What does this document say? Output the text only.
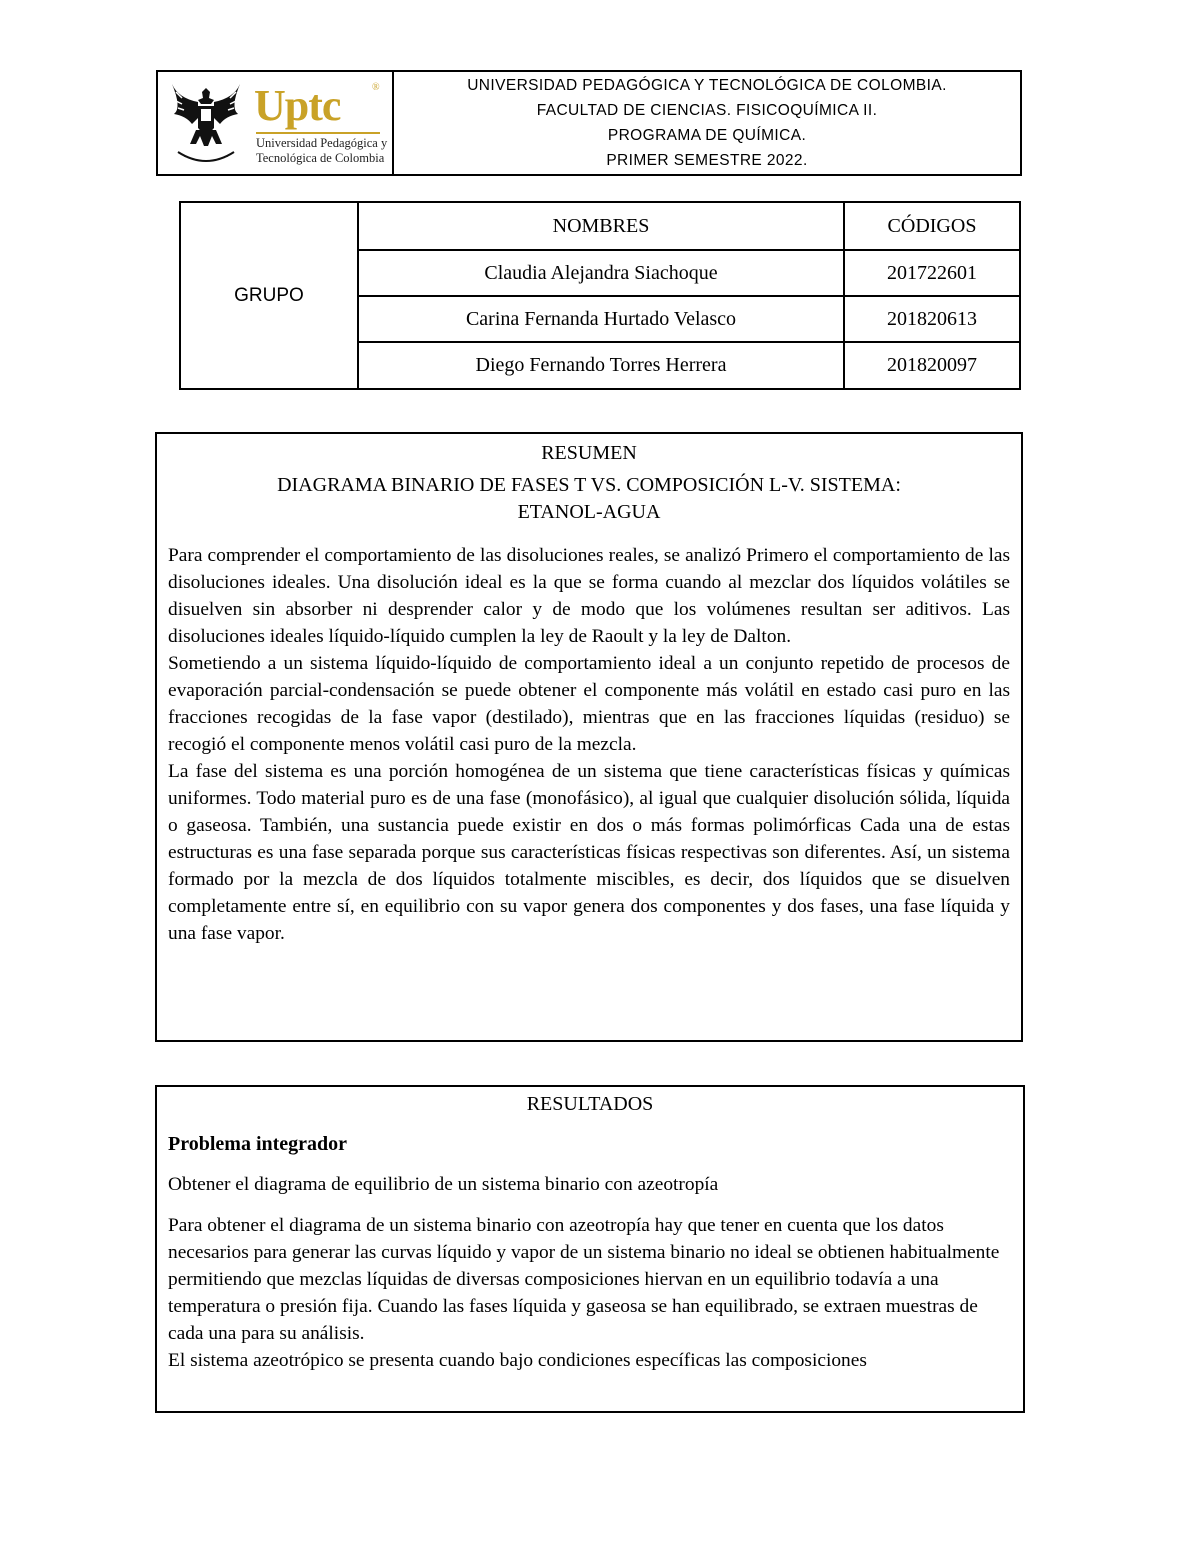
Uptc	®
Universidad Pedagógica y
Tecnológica de Colombia
UNIVERSIDAD PEDAGÓGICA Y TECNOLÓGICA DE COLOMBIA.
FACULTAD DE CIENCIAS. FISICOQUÍMICA II.
PROGRAMA DE QUÍMICA.
PRIMER SEMESTRE 2022.
GRUPO	NOMBRES	CÓDIGOS
	Claudia Alejandra Siachoque	201722601
	Carina Fernanda Hurtado Velasco	201820613
	Diego Fernando Torres Herrera	201820097
RESUMEN
DIAGRAMA BINARIO DE FASES T VS. COMPOSICIÓN L-V. SISTEMA:
ETANOL-AGUA

Para comprender el comportamiento de las disoluciones reales, se analizó Primero el comportamiento de las disoluciones ideales. Una disolución ideal es la que se forma cuando al mezclar dos líquidos volátiles se disuelven sin absorber ni desprender calor y de modo que los volúmenes resultan ser aditivos. Las disoluciones ideales líquido-líquido cumplen la ley de Raoult y la ley de Dalton.

Sometiendo a un sistema líquido-líquido de comportamiento ideal a un conjunto repetido de procesos de evaporación parcial-condensación se puede obtener el componente más volátil en estado casi puro en las fracciones recogidas de la fase vapor (destilado), mientras que en las fracciones líquidas (residuo) se recogió el componente menos volátil casi puro de la mezcla.

La fase del sistema es una porción homogénea de un sistema que tiene características físicas y químicas uniformes. Todo material puro es de una fase (monofásico), al igual que cualquier disolución sólida, líquida o gaseosa. También, una sustancia puede existir en dos o más formas polimórficas Cada una de estas estructuras es una fase separada porque sus características físicas respectivas son diferentes. Así, un sistema formado por la mezcla de dos líquidos totalmente miscibles, es decir, dos líquidos que se disuelven completamente entre sí, en equilibrio con su vapor genera dos componentes y dos fases, una fase líquida y una fase vapor.

RESULTADOS
Problema integrador
Obtener el diagrama de equilibrio de un sistema binario con azeotropía
Para obtener el diagrama de un sistema binario con azeotropía hay que tener en cuenta que los datos necesarios para generar las curvas líquido y vapor de un sistema binario no ideal se obtienen habitualmente permitiendo que mezclas líquidas de diversas composiciones hiervan en un equilibrio todavía a una temperatura o presión fija. Cuando las fases líquida y gaseosa se han equilibrado, se extraen muestras de cada una para su análisis.
El sistema azeotrópico se presenta cuando bajo condiciones específicas las composiciones
